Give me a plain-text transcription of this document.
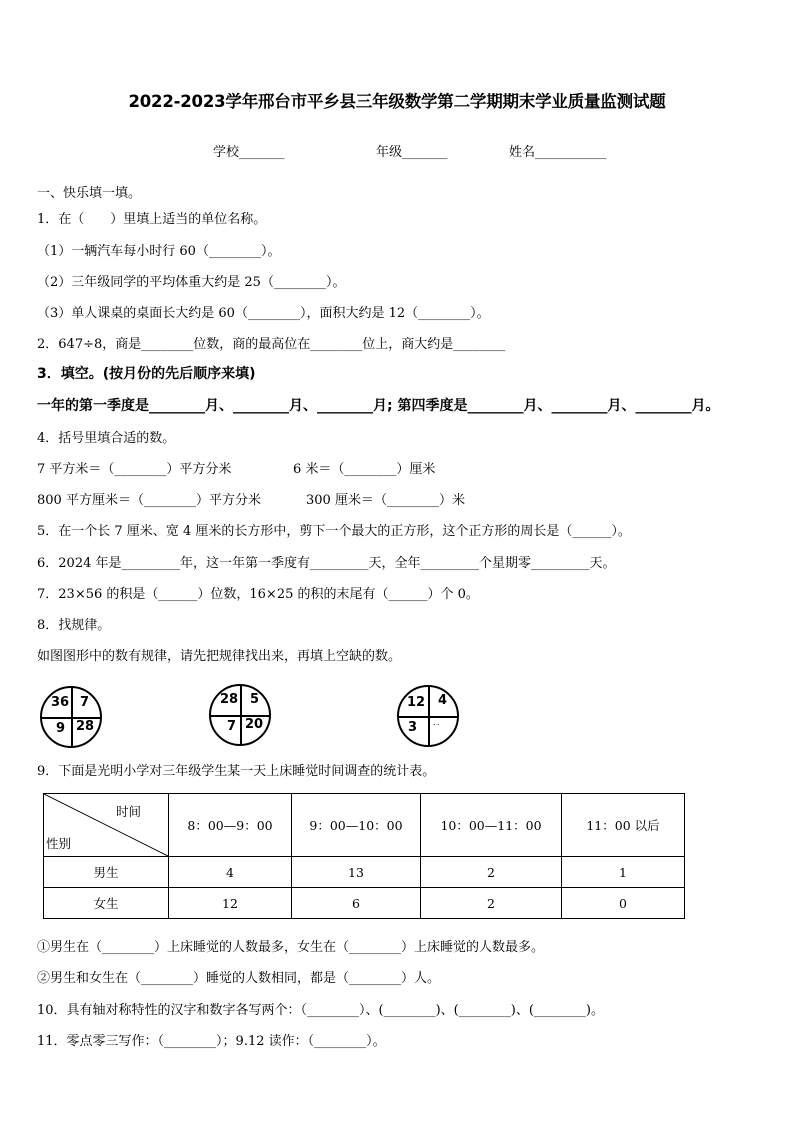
2022-2023学年邢台市平乡县三年级数学第二学期期末学业质量监测试题
学校_______	年级_______	姓名___________
一、快乐填一填。
1．在（　　）里填上适当的单位名称。
（1）一辆汽车每小时行 60（________）。
（2）三年级同学的平均体重大约是 25（________）。
（3）单人课桌的桌面长大约是 60（________），面积大约是 12（________）。
2．647÷8，商是________位数，商的最高位在________位上，商大约是________
3．填空。(按月份的先后顺序来填)
一年的第一季度是________月、________月、________月; 第四季度是________月、________月、________月。
4．括号里填合适的数。
7 平方米＝（________）平方分米	6 米＝（________）厘米
800 平方厘米＝（________）平方分米	300 厘米＝（________）米
5．在一个长 7 厘米、宽 4 厘米的长方形中，剪下一个最大的正方形，这个正方形的周长是（______）。
6．2024 年是_________年，这一年第一季度有_________天，全年_________个星期零_________天。
7．23×56 的积是（______）位数，16×25 的积的末尾有（______）个 0。
8．找规律。
如图图形中的数有规律，请先把规律找出来，再填上空缺的数。
36 7
9 28
28 5
7 20
12 4
3 ．．
9．下面是光明小学对三年级学生某一天上床睡觉时间调查的统计表。
时间
性别	8：00—9：00	9：00—10：00	10：00—11：00	11：00 以后
男生	4	13	2	1
女生	12	6	2	0
①男生在（________）上床睡觉的人数最多，女生在（________）上床睡觉的人数最多。
②男生和女生在（________）睡觉的人数相同，都是（________）人。
10．具有轴对称特性的汉字和数字各写两个：（________）、(________)、(________)、(________)。
11．零点零三写作：（________）；9.12 读作：（________）。
